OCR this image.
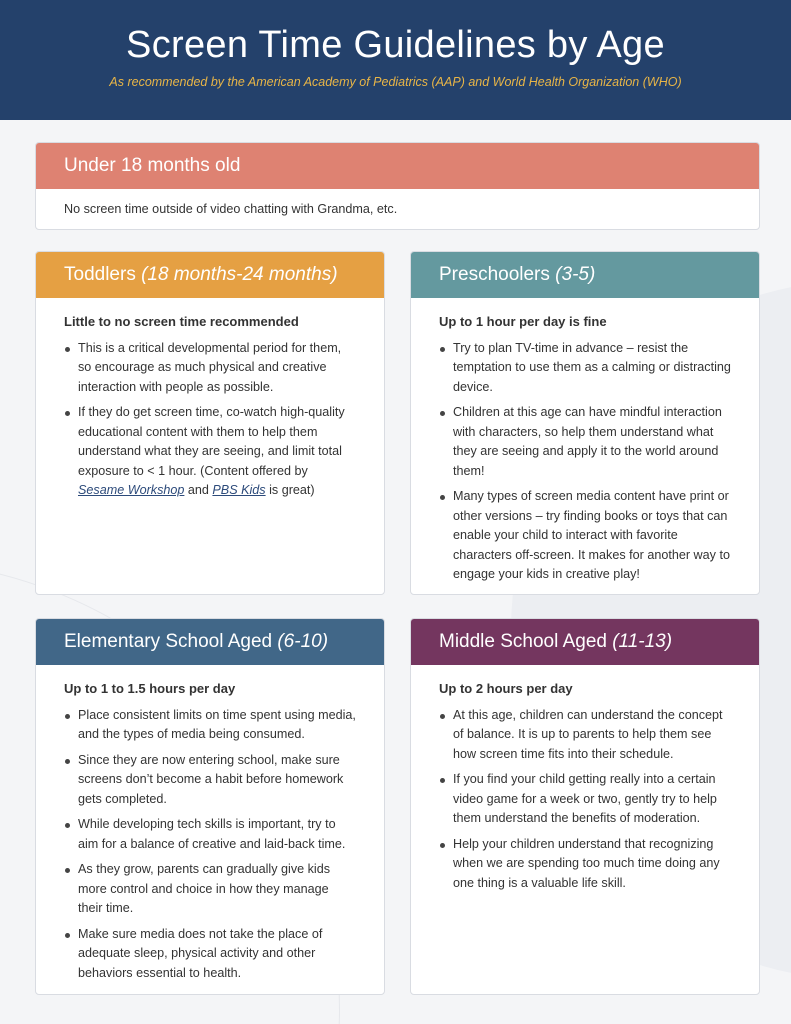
Screen Time Guidelines by Age
As recommended by the American Academy of Pediatrics (AAP) and World Health Organization (WHO)
Under 18 months old

No screen time outside of video chatting with Grandma, etc.

Toddlers (18 months-24 months)

Little to no screen time recommended

This is a critical developmental period for them, so encourage as much physical and creative interaction with people as possible.
If they do get screen time, co-watch high-quality educational content with them to help them understand what they are seeing, and limit total exposure to < 1 hour. (Content offered by Sesame Workshop and PBS Kids is great)
Preschoolers (3-5)

Up to 1 hour per day is fine

Try to plan TV-time in advance – resist the temptation to use them as a calming or distracting device.
Children at this age can have mindful interaction with characters, so help them understand what they are seeing and apply it to the world around them!
Many types of screen media content have print or other versions – try finding books or toys that can enable your child to interact with favorite characters off-screen. It makes for another way to engage your kids in creative play!
Elementary School Aged (6-10)

Up to 1 to 1.5 hours per day

Place consistent limits on time spent using media, and the types of media being consumed.
Since they are now entering school, make sure screens don’t become a habit before homework gets completed.
While developing tech skills is important, try to aim for a balance of creative and laid-back time.
As they grow, parents can gradually give kids more control and choice in how they manage their time.
Make sure media does not take the place of adequate sleep, physical activity and other behaviors essential to health.
Middle School Aged (11-13)

Up to 2 hours per day

At this age, children can understand the concept of balance. It is up to parents to help them see how screen time fits into their schedule.
If you find your child getting really into a certain video game for a week or two, gently try to help them understand the benefits of moderation.
Help your children understand that recognizing when we are spending too much time doing any one thing is a valuable life skill.
